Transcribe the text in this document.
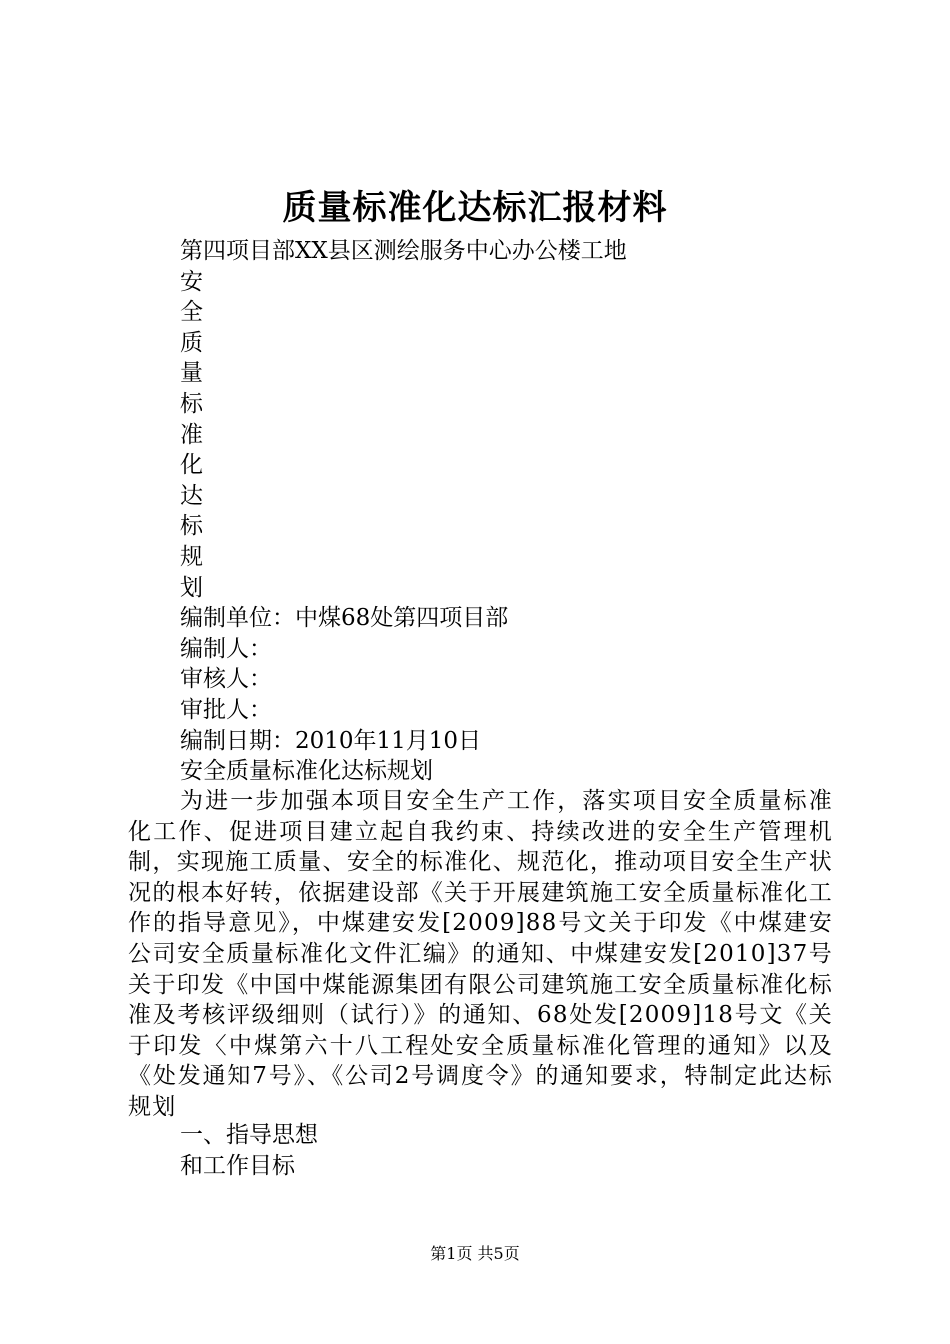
质量标准化达标汇报材料
第四项目部XX县区测绘服务中心办公楼工地
安
全
质
量
标
准
化
达
标
规
划
编制单位：中煤68处第四项目部
编制人：
审核人：
审批人：
编制日期：2010年11月10日
安全质量标准化达标规划

为进一步加强本项目安全生产工作，落实项目安全质量标准化工作、促进项目建立起自我约束、持续改进的安全生产管理机制，实现施工质量、安全的标准化、规范化，推动项目安全生产状况的根本好转，依据建设部《关于开展建筑施工安全质量标准化工作的指导意见》，中煤建安发[2009]88号文关于印发《中煤建安公司安全质量标准化文件汇编》的通知、中煤建安发[2010]37号关于印发《中国中煤能源集团有限公司建筑施工安全质量标准化标准及考核评级细则（试行）》的通知、68处发[2009]18号文《关于印发〈中煤第六十八工程处安全质量标准化管理的通知》以及《处发通知7号》、《公司2号调度令》的通知要求，特制定此达标规划

一、指导思想
和工作目标
第1页 共5页
